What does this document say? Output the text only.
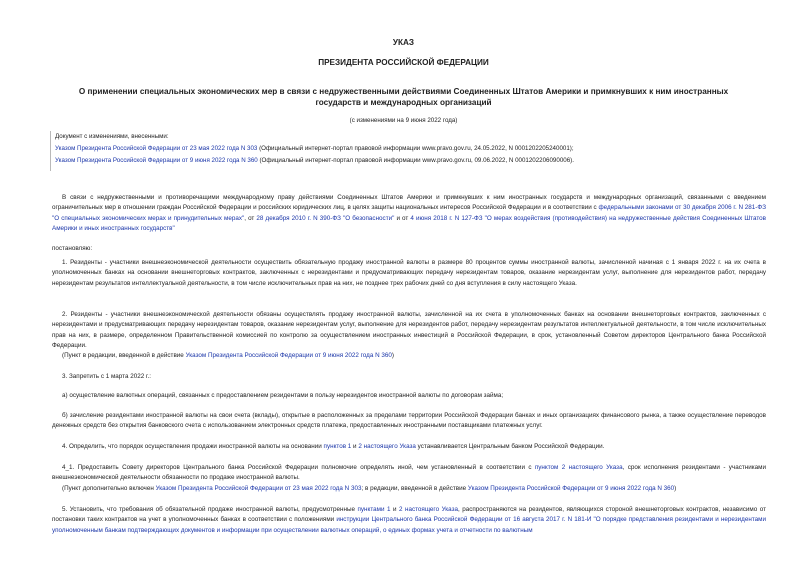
УКАЗ
ПРЕЗИДЕНТА РОССИЙСКОЙ ФЕДЕРАЦИИ
О применении специальных экономических мер в связи с недружественными действиями Соединенных Штатов Америки и примкнувших к ним иностранных государств и международных организаций
(с изменениями на 9 июня 2022 года)
Документ с изменениями, внесенными:
Указом Президента Российской Федерации от 23 мая 2022 года N 303 (Официальный интернет-портал правовой информации www.pravo.gov.ru, 24.05.2022, N 0001202205240001);
Указом Президента Российской Федерации от 9 июня 2022 года N 360 (Официальный интернет-портал правовой информации www.pravo.gov.ru, 09.06.2022, N 0001202206090006).
В связи с недружественными и противоречащими международному праву действиями Соединенных Штатов Америки и примкнувших к ним иностранных государств и международных организаций, связанными с введением ограничительных мер в отношении граждан Российской Федерации и российских юридических лиц, в целях защиты национальных интересов Российской Федерации и в соответствии с федеральными законами от 30 декабря 2006 г. N 281-ФЗ "О специальных экономических мерах и принудительных мерах", от 28 декабря 2010 г. N 390-ФЗ "О безопасности" и от 4 июня 2018 г. N 127-ФЗ "О мерах воздействия (противодействия) на недружественные действия Соединенных Штатов Америки и иных иностранных государств"
постановляю:
1. Резиденты - участники внешнеэкономической деятельности осуществить обязательную продажу иностранной валюты в размере 80 процентов суммы иностранной валюты, зачисленной начиная с 1 января 2022 г. на их счета в уполномоченных банках на основании внешнеторговых контрактов, заключенных с нерезидентами и предусматривающих передачу нерезидентам товаров, оказание нерезидентам услуг, выполнение для нерезидентов работ, передачу нерезидентам результатов интеллектуальной деятельности, в том числе исключительных прав на них, не позднее трех рабочих дней со дня вступления в силу настоящего Указа.
2. Резиденты - участники внешнеэкономической деятельности обязаны осуществлять продажу иностранной валюты, зачисленной на их счета в уполномоченных банках на основании внешнеторговых контрактов, заключенных с нерезидентами и предусматривающих передачу нерезидентам товаров, оказание нерезидентам услуг, выполнение для нерезидентов работ, передачу нерезидентам результатов интеллектуальной деятельности, в том числе исключительных прав на них, в размере, определенном Правительственной комиссией по контролю за осуществлением иностранных инвестиций в Российской Федерации, в срок, установленный Советом директоров Центрального банка Российской Федерации.
(Пункт в редакции, введенной в действие Указом Президента Российской Федерации от 9 июня 2022 года N 360)
3. Запретить с 1 марта 2022 г.:
а) осуществление валютных операций, связанных с предоставлением резидентами в пользу нерезидентов иностранной валюты по договорам займа;
б) зачисление резидентами иностранной валюты на свои счета (вклады), открытые в расположенных за пределами территории Российской Федерации банках и иных организациях финансового рынка, а также осуществление переводов денежных средств без открытия банковского счета с использованием электронных средств платежа, предоставленных иностранными поставщиками платежных услуг.
4. Определить, что порядок осуществления продажи иностранной валюты на основании пунктов 1 и 2 настоящего Указа устанавливается Центральным банком Российской Федерации.
4_1. Предоставить Совету директоров Центрального банка Российской Федерации полномочие определять иной, чем установленный в соответствии с пунктом 2 настоящего Указа, срок исполнения резидентами - участниками внешнеэкономической деятельности обязанности по продаже иностранной валюты.
(Пункт дополнительно включен Указом Президента Российской Федерации от 23 мая 2022 года N 303; в редакции, введенной в действие Указом Президента Российской Федерации от 9 июня 2022 года N 360)
5. Установить, что требования об обязательной продаже иностранной валюты, предусмотренные пунктами 1 и 2 настоящего Указа, распространяются на резидентов, являющихся стороной внешнеторговых контрактов, независимо от постановки таких контрактов на учет в уполномоченных банках в соответствии с положениями инструкции Центрального банка Российской Федерации от 16 августа 2017 г. N 181-И "О порядке представления резидентами и нерезидентами уполномоченным банкам подтверждающих документов и информации при осуществлении валютных операций, о единых формах учета и отчетности по валютным
